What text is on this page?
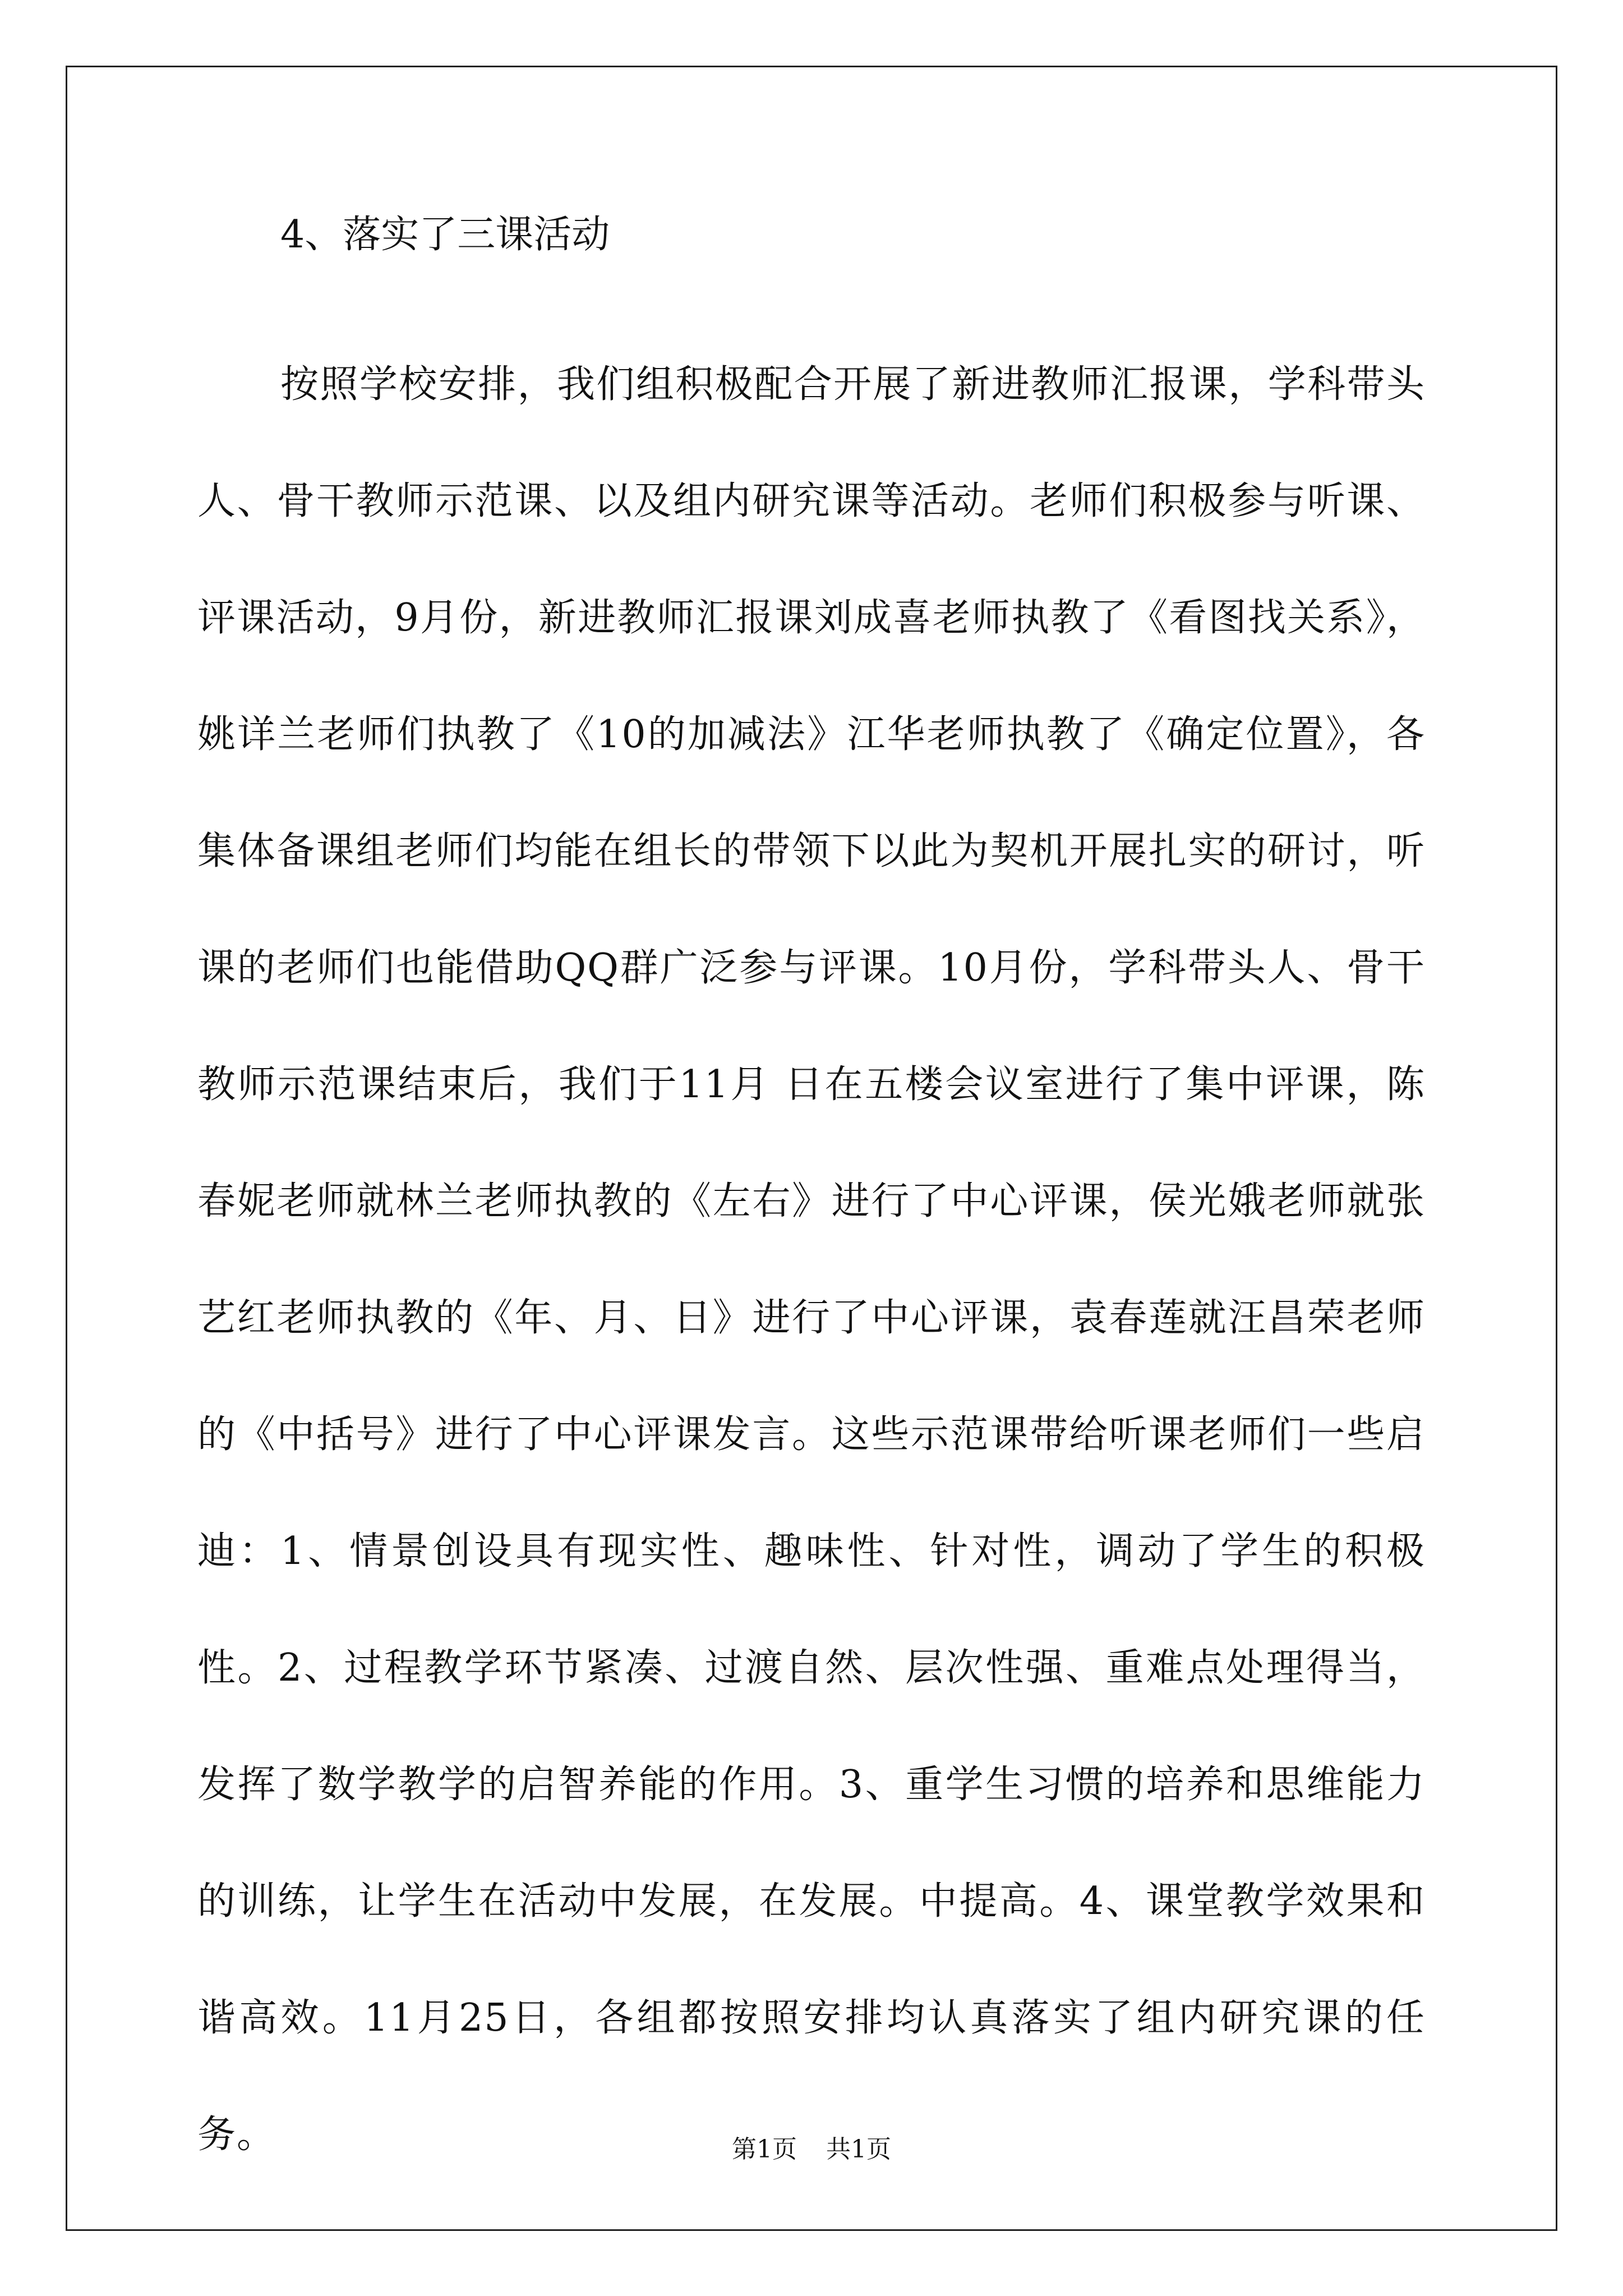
4、落实了三课活动

按照学校安排，我们组积极配合开展了新进教师汇报课，学科带头人、骨干教师示范课、以及组内研究课等活动。老师们积极参与听课、评课活动，9月份，新进教师汇报课刘成喜老师执教了《看图找关系》，姚详兰老师们执教了《10的加减法》江华老师执教了《确定位置》，各集体备课组老师们均能在组长的带领下以此为契机开展扎实的研讨，听课的老师们也能借助QQ群广泛参与评课。10月份，学科带头人、骨干教师示范课结束后，我们于11月 日在五楼会议室进行了集中评课，陈春妮老师就林兰老师执教的《左右》进行了中心评课，侯光娥老师就张艺红老师执教的《年、月、日》进行了中心评课，袁春莲就汪昌荣老师的《中括号》进行了中心评课发言。这些示范课带给听课老师们一些启迪：1、情景创设具有现实性、趣味性、针对性，调动了学生的积极性。2、过程教学环节紧凑、过渡自然、层次性强、重难点处理得当，发挥了数学教学的启智养能的作用。3、重学生习惯的培养和思维能力的训练，让学生在活动中发展，在发展。中提高。4、课堂教学效果和谐高效。11月25日，各组都按照安排均认真落实了组内研究课的任务。	第1页 共1页
